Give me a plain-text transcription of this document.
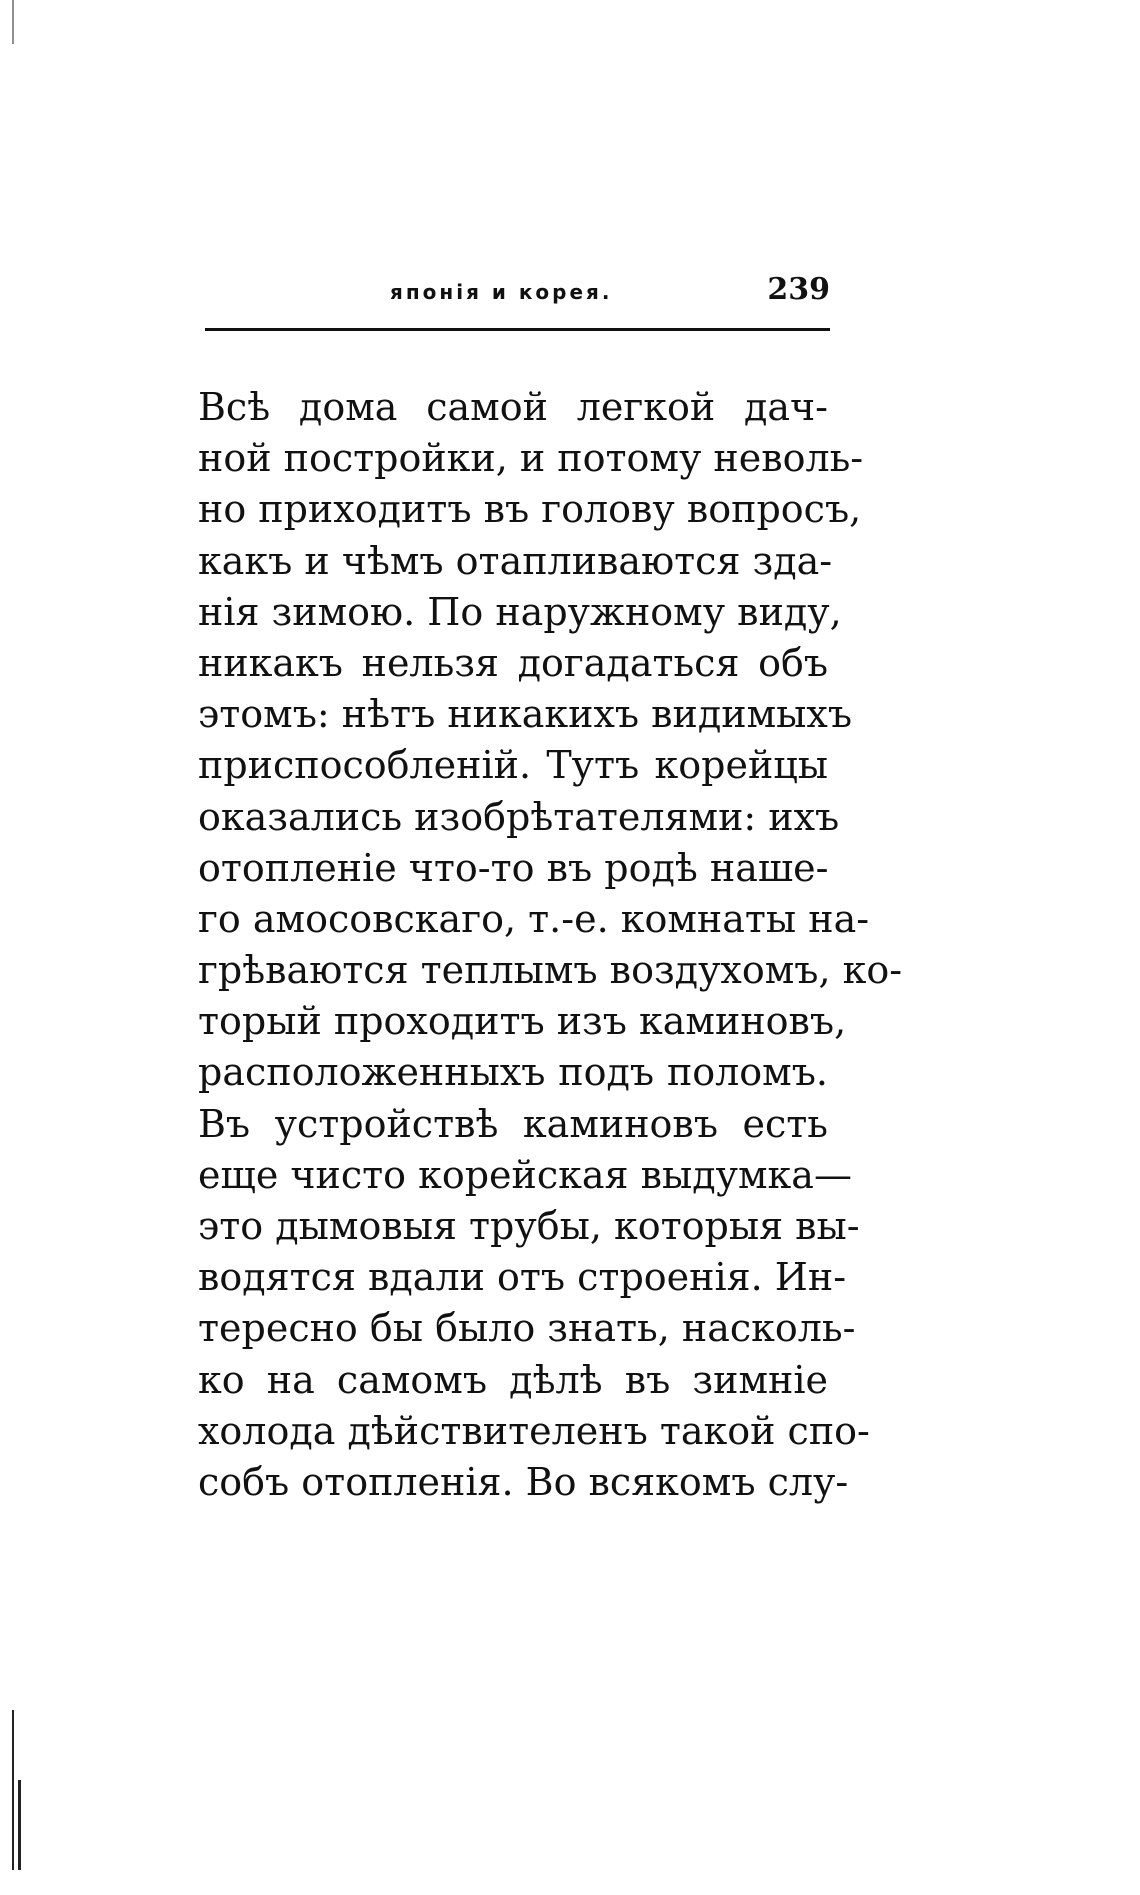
японія и корея.	239
Всѣ дома самой легкой дач-
ной постройки, и потому неволь-
но приходитъ въ голову вопросъ,
какъ и чѣмъ отапливаются зда-
нія зимою. По наружному виду,
никакъ нельзя догадаться объ
этомъ: нѣтъ никакихъ видимыхъ
приспособленій. Тутъ корейцы
оказались изобрѣтателями: ихъ
отопленіе что-то въ родѣ наше-
го амосовскаго, т.-е. комнаты на-
грѣваются теплымъ воздухомъ, ко-
торый проходитъ изъ каминовъ,
расположенныхъ подъ поломъ.
Въ устройствѣ каминовъ есть
еще чисто корейская выдумка—
это дымовыя трубы, которыя вы-
водятся вдали отъ строенія. Ин-
тересно бы было знать, насколь-
ко на самомъ дѣлѣ въ зимніе
холода дѣйствителенъ такой спо-
собъ отопленія. Во всякомъ слу-
